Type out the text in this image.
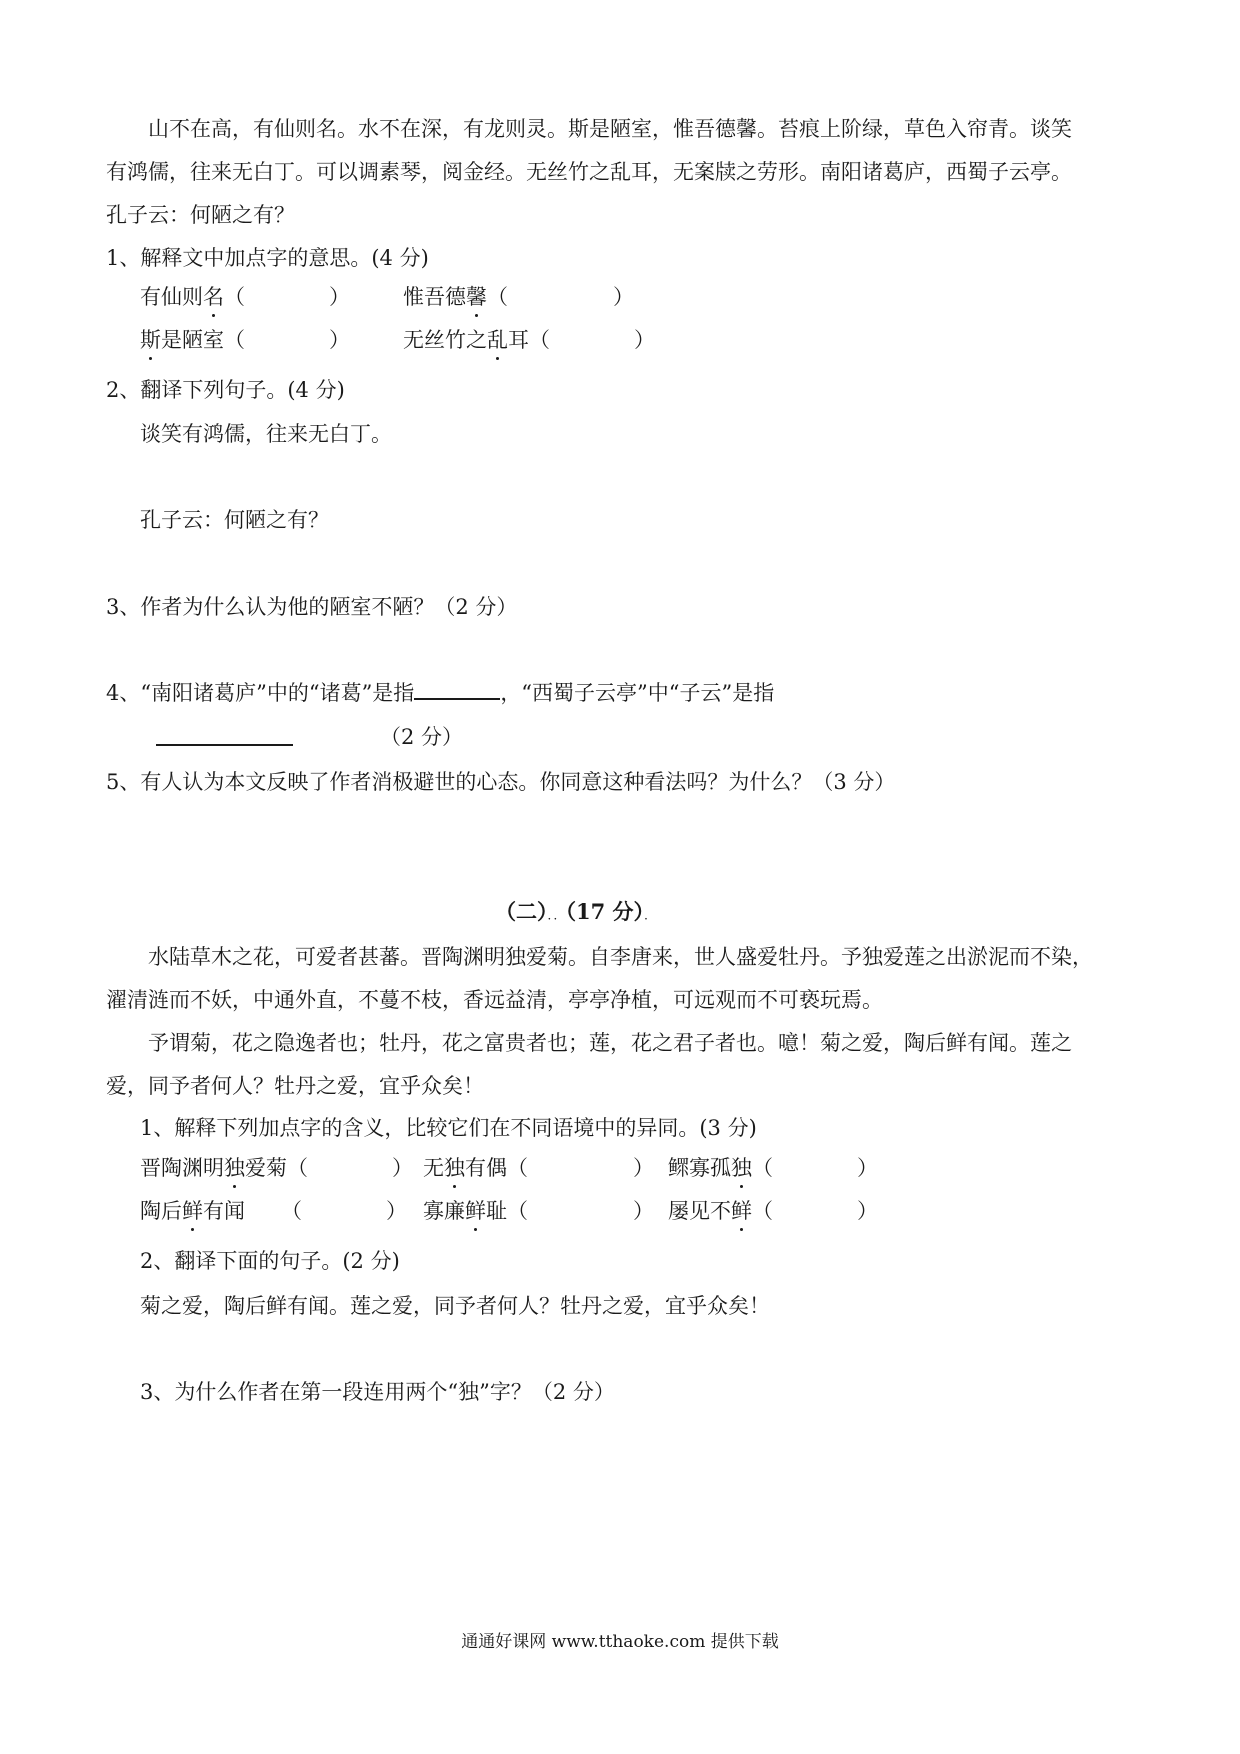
山不在高，有仙则名。水不在深，有龙则灵。斯是陋室，惟吾德馨。苔痕上阶绿，草色入帘青。谈笑
有鸿儒，往来无白丁。可以调素琴，阅金经。无丝竹之乱耳，无案牍之劳形。南阳诸葛庐，西蜀子云亭。
孔子云：何陋之有？
1、解释文中加点字的意思。(4 分)
有仙则名（　　　　）	惟吾德馨（　　　　　）
斯是陋室（　　　　）	无丝竹之乱耳（　　　　）
2、翻译下列句子。(4 分)
谈笑有鸿儒，往来无白丁。
孔子云：何陋之有？
3、作者为什么认为他的陋室不陋？（2 分）
4、“南阳诸葛庐”中的“诸葛”是指	，“西蜀子云亭”中“子云”是指
（2 分）
5、有人认为本文反映了作者消极避世的心态。你同意这种看法吗？为什么？（3 分）
（二）．．（17 分）．
水陆草木之花，可爱者甚蕃。晋陶渊明独爱菊。自李唐来，世人盛爱牡丹。予独爱莲之出淤泥而不染，
濯清涟而不妖，中通外直，不蔓不枝，香远益清，亭亭净植，可远观而不可亵玩焉。
予谓菊，花之隐逸者也；牡丹，花之富贵者也；莲，花之君子者也。噫！菊之爱，陶后鲜有闻。莲之
爱，同予者何人？牡丹之爱，宜乎众矣！
1、解释下列加点字的含义，比较它们在不同语境中的异同。(3 分)
晋陶渊明独爱菊（　　　　） 无独有偶（　　　　　） 鳏寡孤独（　　　　）
陶后鲜有闻 （　　　　） 寡廉鲜耻（　　　　　） 屡见不鲜（　　　　）
2、翻译下面的句子。(2 分)
菊之爱，陶后鲜有闻。莲之爱，同予者何人？牡丹之爱，宜乎众矣！
3、为什么作者在第一段连用两个“独”字？（2 分）
通通好课网 www.tthaoke.com 提供下载
